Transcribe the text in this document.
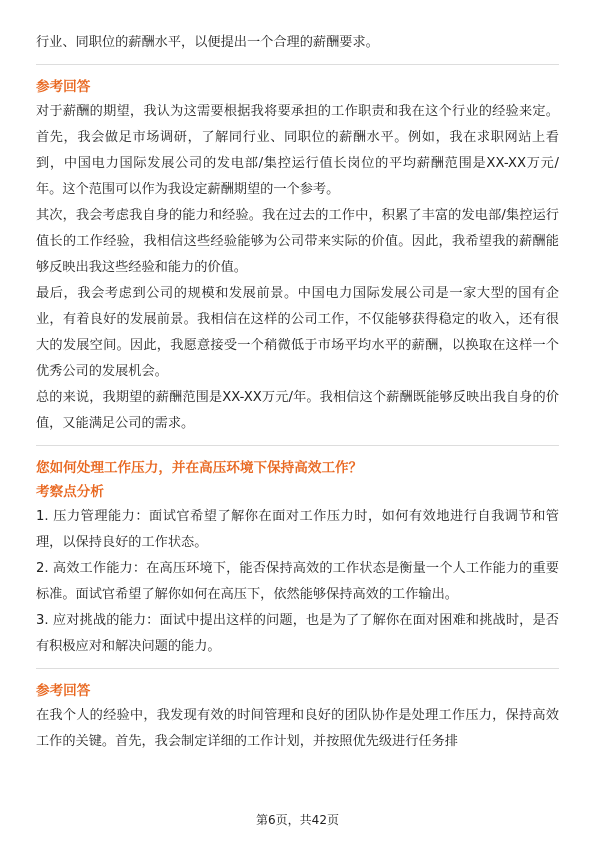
行业、同职位的薪酬水平，以便提出一个合理的薪酬要求。

参考回答

对于薪酬的期望，我认为这需要根据我将要承担的工作职责和我在这个行业的经验来定。首先，我会做足市场调研，了解同行业、同职位的薪酬水平。例如，我在求职网站上看到，中国电力国际发展公司的发电部/集控运行值长岗位的平均薪酬范围是XX-XX万元/年。这个范围可以作为我设定薪酬期望的一个参考。

其次，我会考虑我自身的能力和经验。我在过去的工作中，积累了丰富的发电部/集控运行值长的工作经验，我相信这些经验能够为公司带来实际的价值。因此，我希望我的薪酬能够反映出我这些经验和能力的价值。

最后，我会考虑到公司的规模和发展前景。中国电力国际发展公司是一家大型的国有企业，有着良好的发展前景。我相信在这样的公司工作，不仅能够获得稳定的收入，还有很大的发展空间。因此，我愿意接受一个稍微低于市场平均水平的薪酬，以换取在这样一个优秀公司的发展机会。

总的来说，我期望的薪酬范围是XX-XX万元/年。我相信这个薪酬既能够反映出我自身的价值，又能满足公司的需求。

您如何处理工作压力，并在高压环境下保持高效工作？
考察点分析

1. 压力管理能力：面试官希望了解你在面对工作压力时，如何有效地进行自我调节和管理，以保持良好的工作状态。

2. 高效工作能力：在高压环境下，能否保持高效的工作状态是衡量一个人工作能力的重要标准。面试官希望了解你如何在高压下，依然能够保持高效的工作输出。

3. 应对挑战的能力：面试中提出这样的问题，也是为了了解你在面对困难和挑战时，是否有积极应对和解决问题的能力。

参考回答

在我个人的经验中，我发现有效的时间管理和良好的团队协作是处理工作压力，保持高效工作的关键。首先，我会制定详细的工作计划，并按照优先级进行任务排

第6页，共42页
